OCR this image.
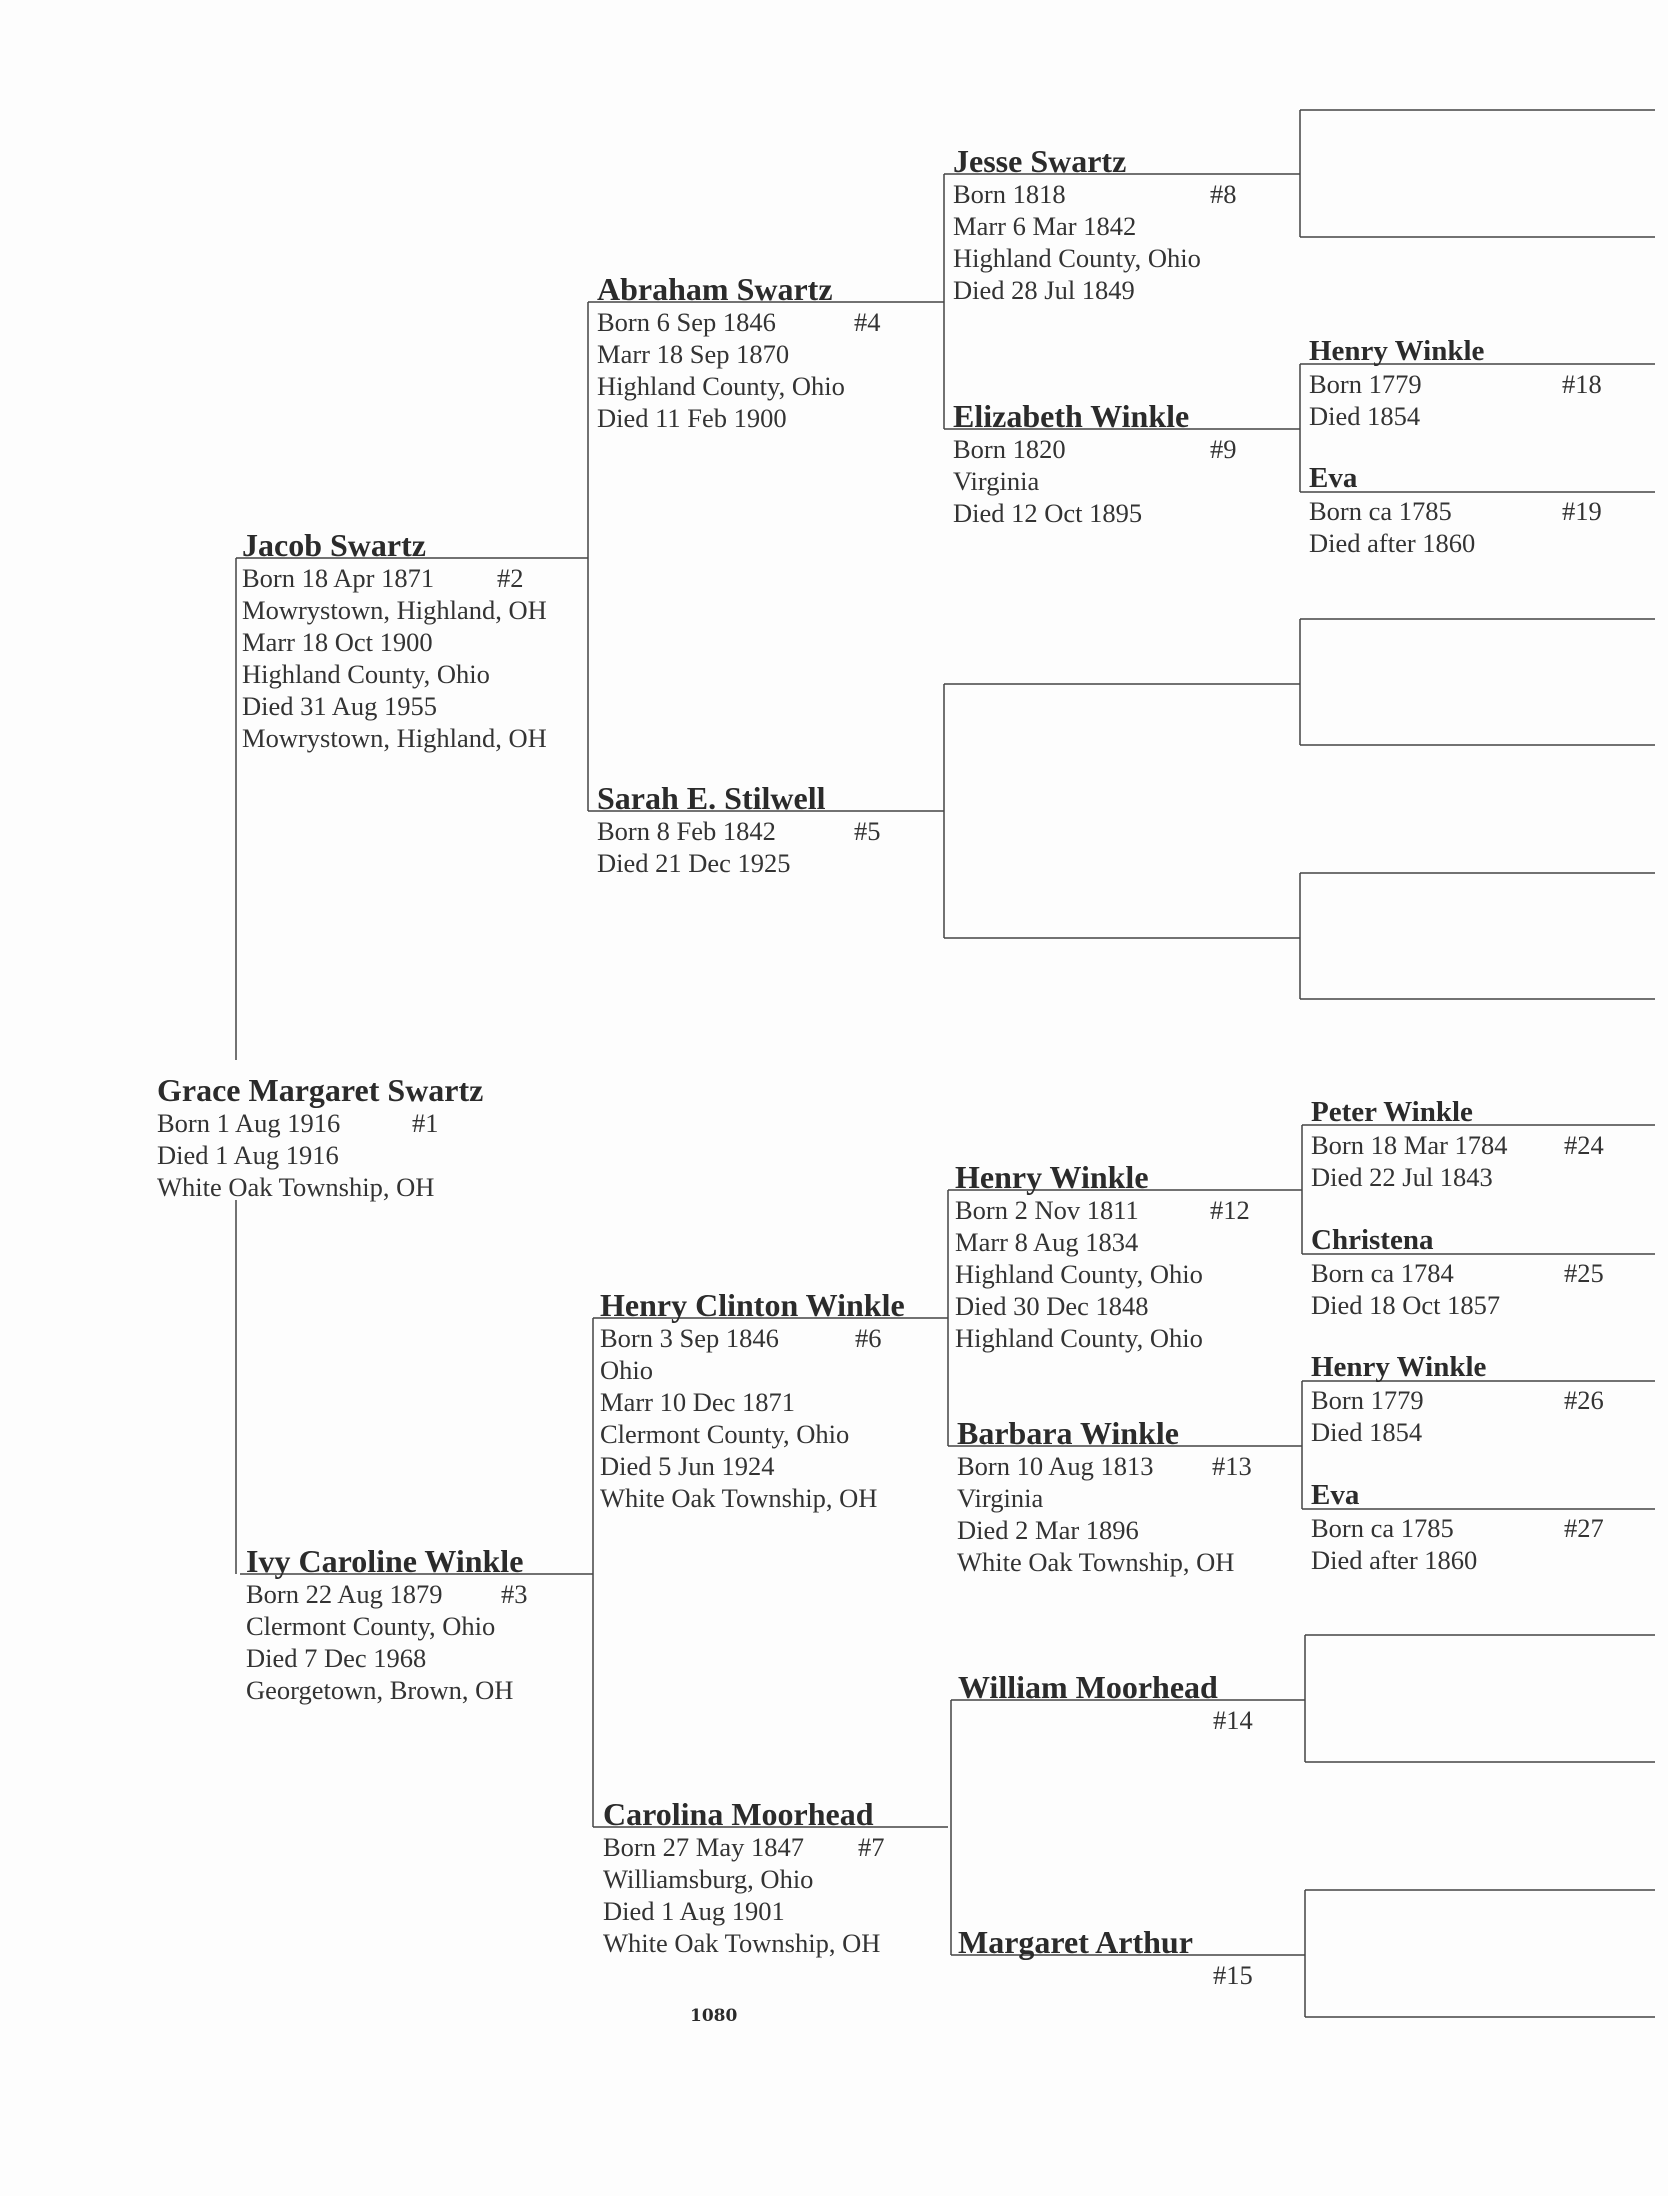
Grace Margaret Swartz
Born 1 Aug 1916
Died 1 Aug 1916
White Oak Township, OH
#1
Jacob Swartz
Born 18 Apr 1871
Mowrystown, Highland, OH
Marr 18 Oct 1900
Highland County, Ohio
Died 31 Aug 1955
Mowrystown, Highland, OH
#2
Ivy Caroline Winkle
Born 22 Aug 1879
Clermont County, Ohio
Died 7 Dec 1968
Georgetown, Brown, OH
#3
Abraham Swartz
Born 6 Sep 1846
Marr 18 Sep 1870
Highland County, Ohio
Died 11 Feb 1900
#4
Sarah E. Stilwell
Born 8 Feb 1842
Died 21 Dec 1925
#5
Henry Clinton Winkle
Born 3 Sep 1846
Ohio
Marr 10 Dec 1871
Clermont County, Ohio
Died 5 Jun 1924
White Oak Township, OH
#6
Carolina Moorhead
Born 27 May 1847
Williamsburg, Ohio
Died 1 Aug 1901
White Oak Township, OH
#7
Jesse Swartz
Born 1818
Marr 6 Mar 1842
Highland County, Ohio
Died 28 Jul 1849
#8
Elizabeth Winkle
Born 1820
Virginia
Died 12 Oct 1895
#9
Henry Winkle
Born 2 Nov 1811
Marr 8 Aug 1834
Highland County, Ohio
Died 30 Dec 1848
Highland County, Ohio
#12
Barbara Winkle
Born 10 Aug 1813
Virginia
Died 2 Mar 1896
White Oak Township, OH
#13
William Moorhead
#14
Margaret Arthur
#15
Henry Winkle
Born 1779
Died 1854
#18
Eva
Born ca 1785
Died after 1860
#19
Peter Winkle
Born 18 Mar 1784
Died 22 Jul 1843
#24
Christena
Born ca 1784
Died 18 Oct 1857
#25
Henry Winkle
Born 1779
Died 1854
#26
Eva
Born ca 1785
Died after 1860
#27
1080
